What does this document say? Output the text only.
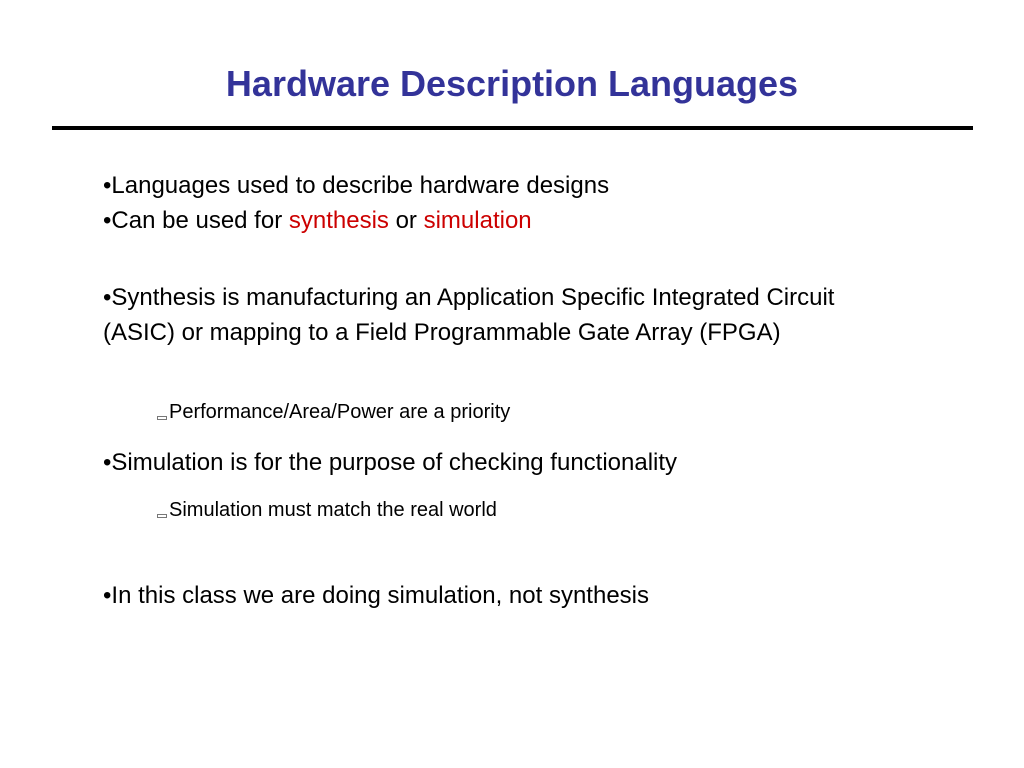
Hardware Description Languages
•Languages used to describe hardware designs
•Can be used for synthesis or simulation
•Synthesis is manufacturing an Application Specific Integrated Circuit (ASIC) or mapping to a Field Programmable Gate Array (FPGA)
Performance/Area/Power are a priority
•Simulation is for the purpose of checking functionality
Simulation must match the real world
•In this class we are doing simulation, not synthesis
